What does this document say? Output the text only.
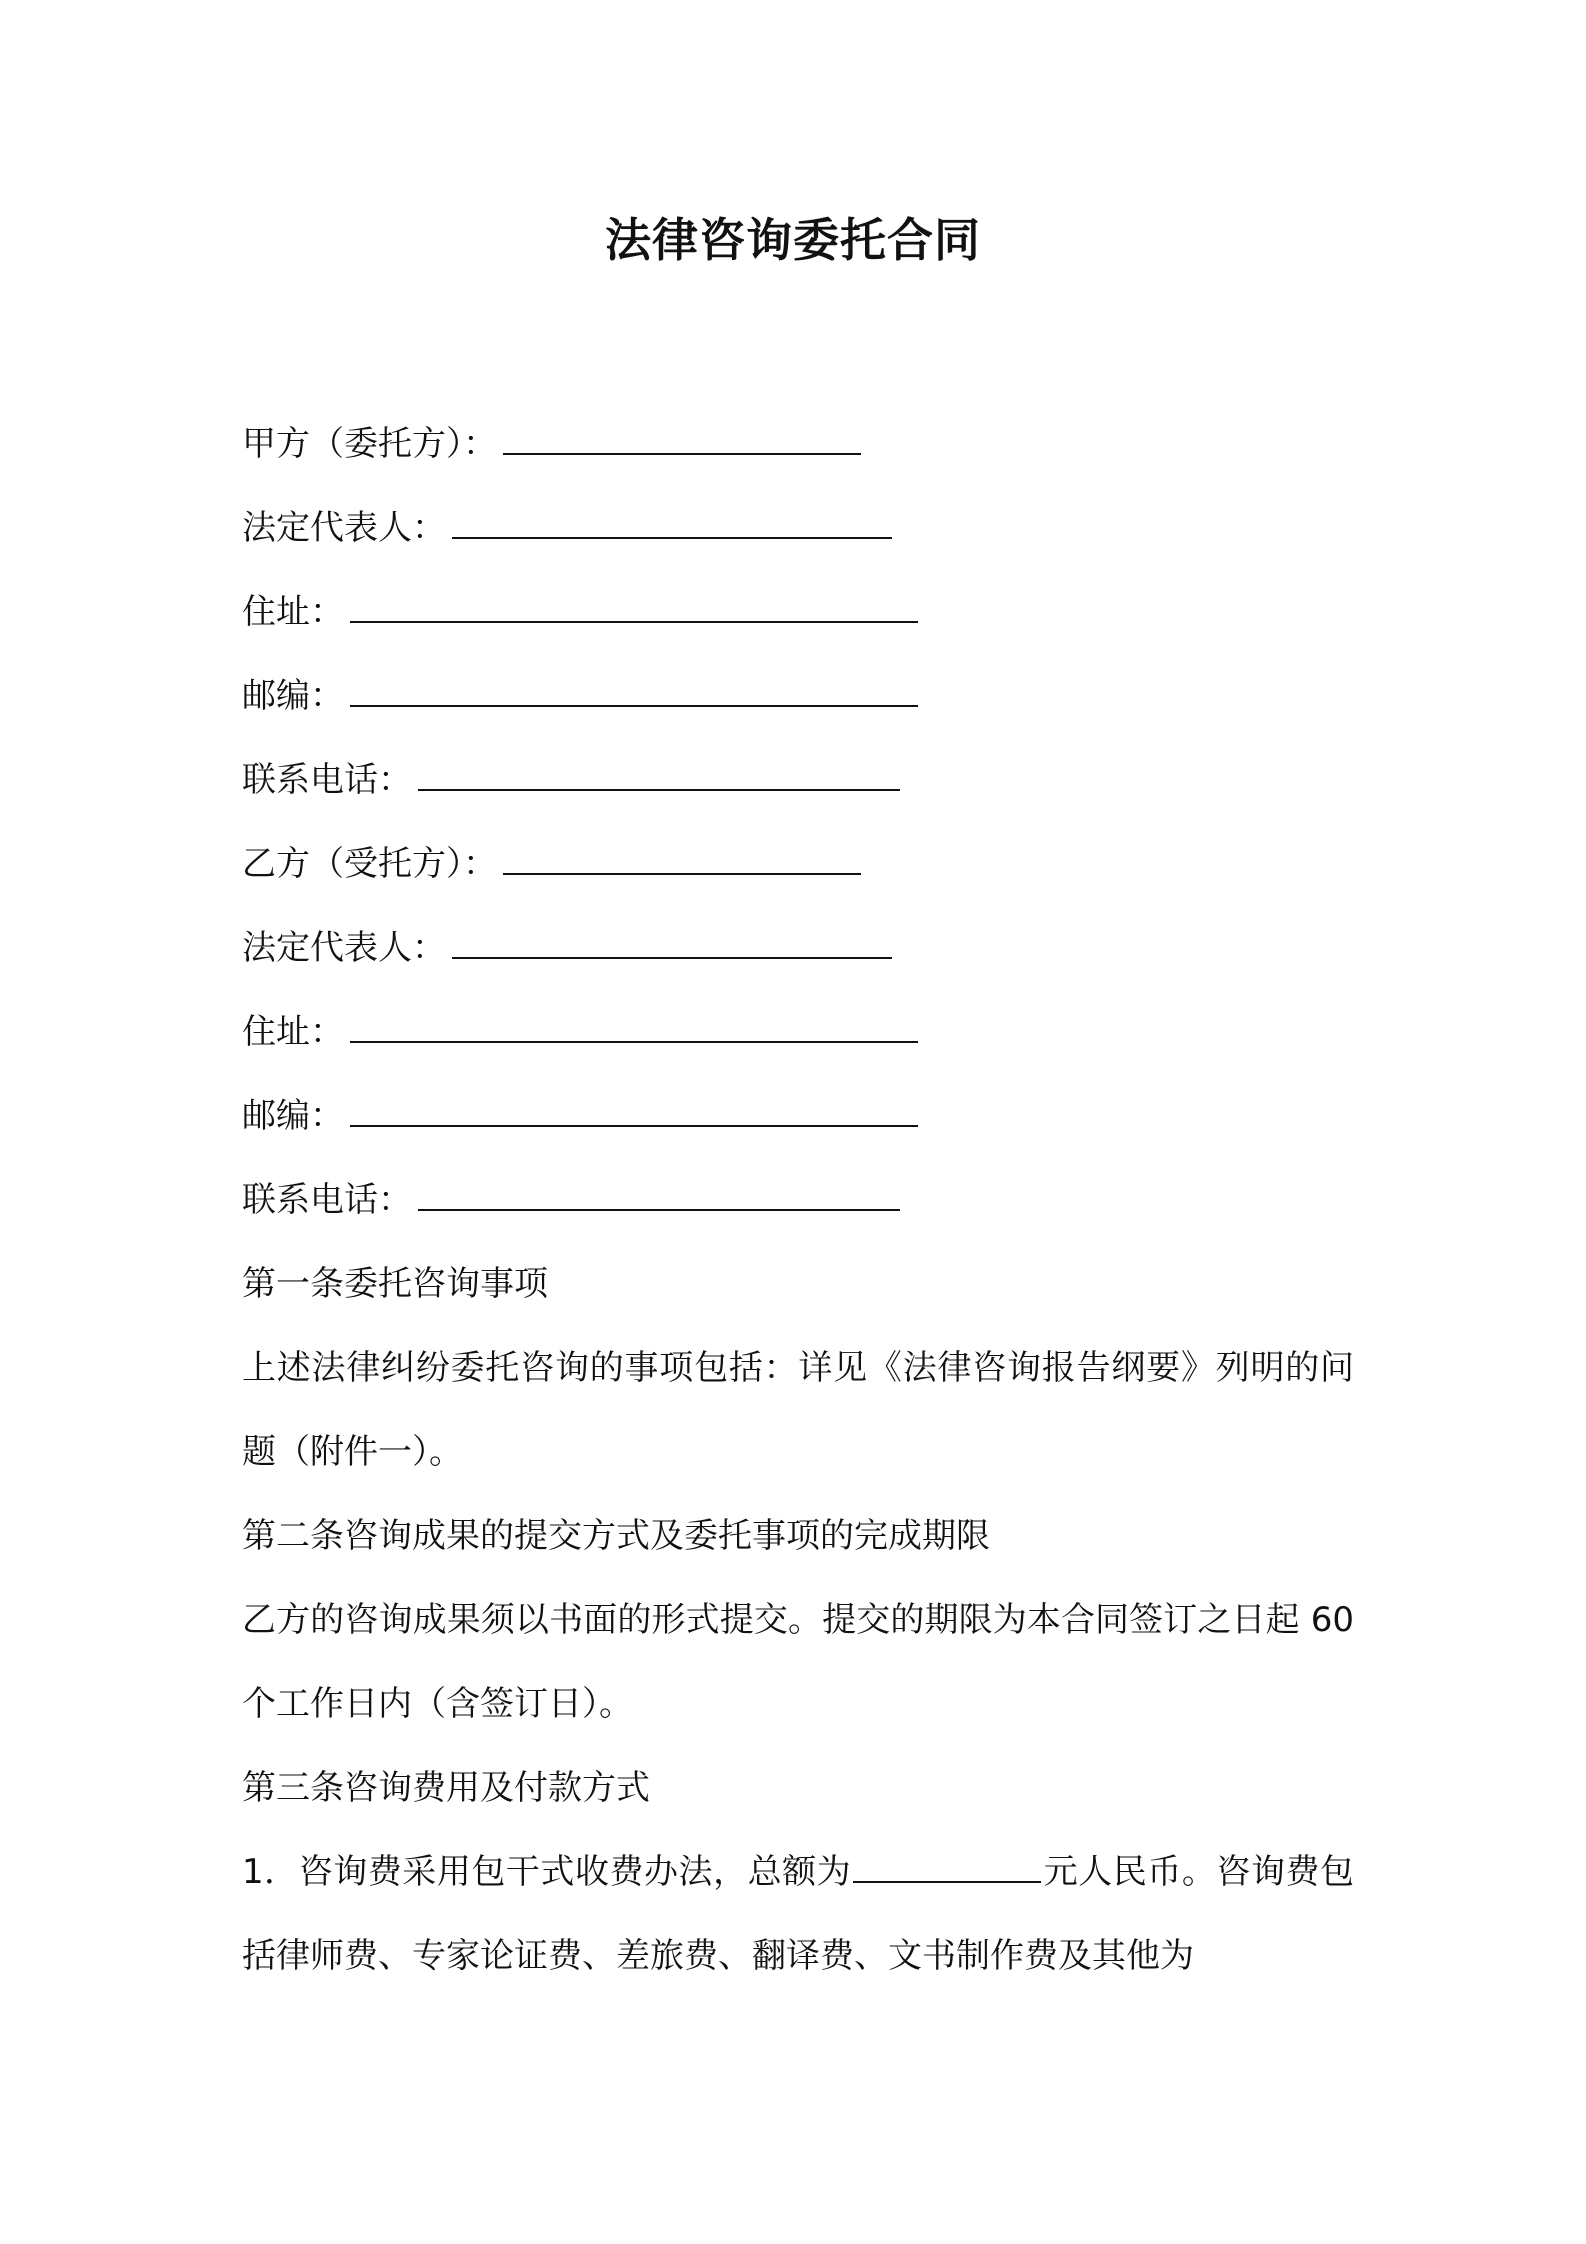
法律咨询委托合同
甲方（委托方）：
法定代表人：
住址：
邮编：
联系电话：
乙方（受托方）：
法定代表人：
住址：
邮编：
联系电话：
第一条委托咨询事项
上述法律纠纷委托咨询的事项包括：详见《法律咨询报告纲要》列明的问题（附件一）。
第二条咨询成果的提交方式及委托事项的完成期限
乙方的咨询成果须以书面的形式提交。提交的期限为本合同签订之日起 60 个工作日内（含签订日）。
第三条咨询费用及付款方式
1．咨询费采用包干式收费办法，总额为	元人民币。咨询费包括律师费、专家论证费、差旅费、翻译费、文书制作费及其他为
